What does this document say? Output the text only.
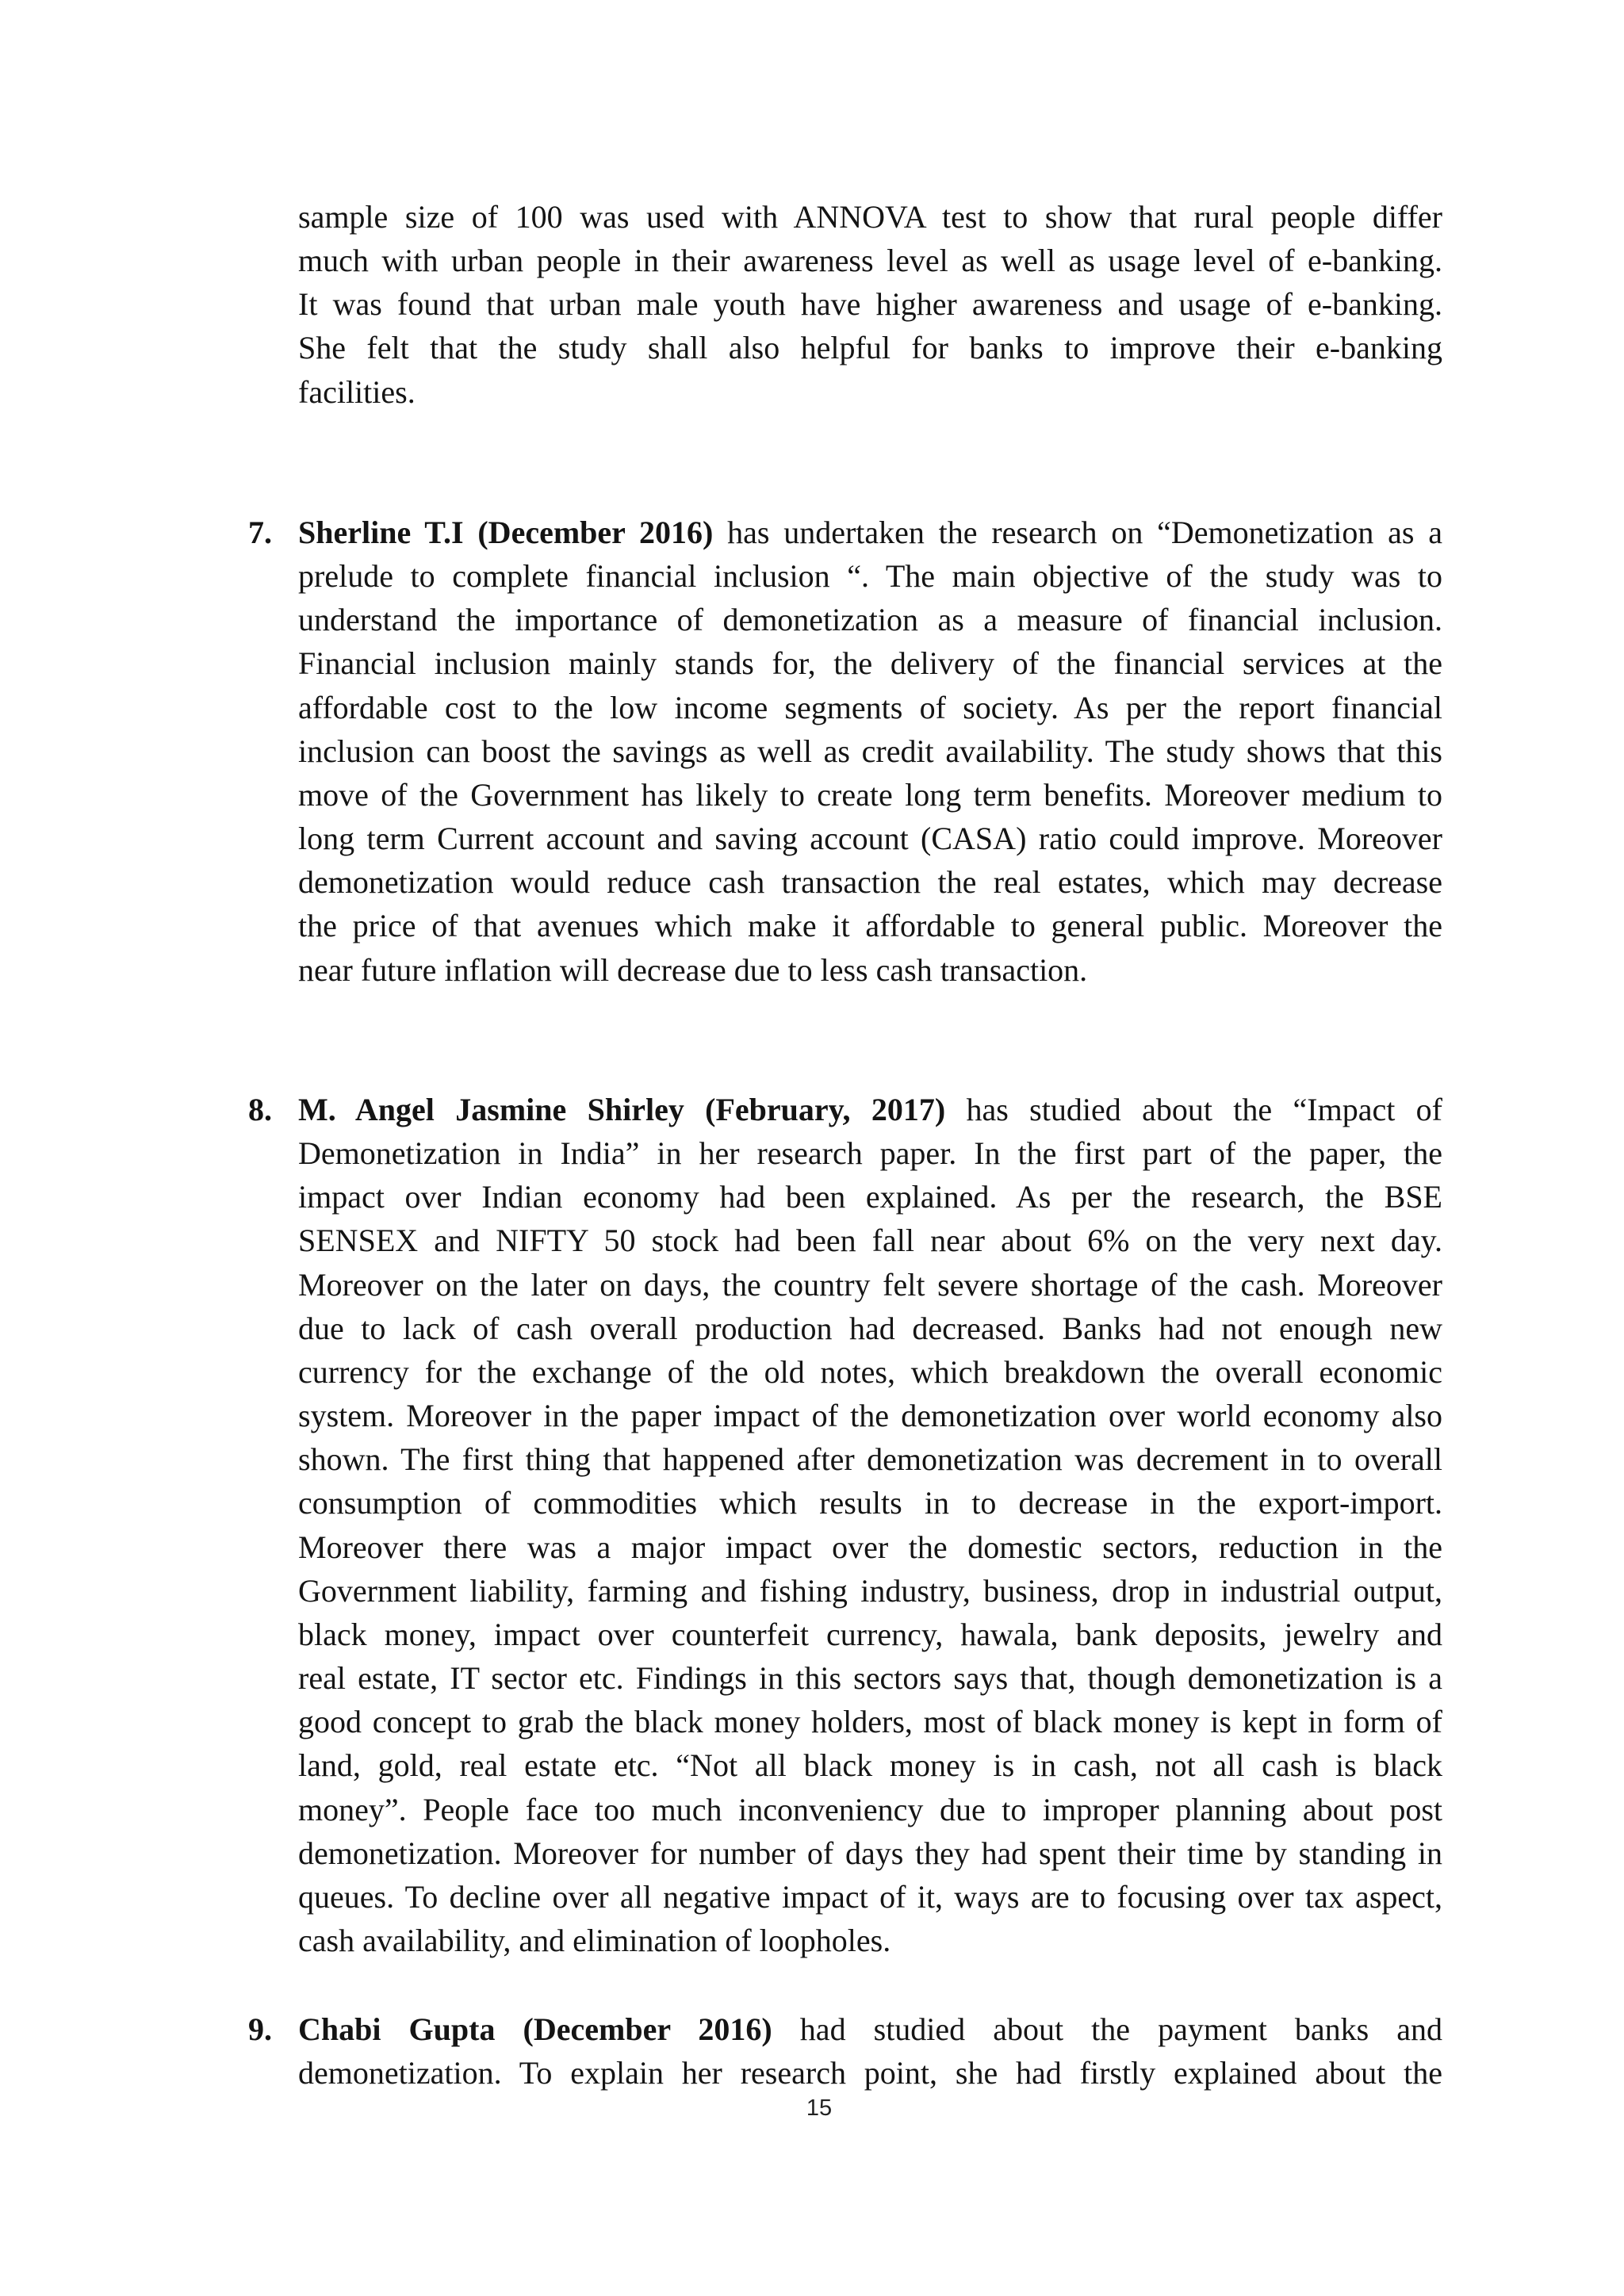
sample size of 100 was used with ANNOVA test to show that rural people differ
much with urban people in their awareness level as well as usage level of e-banking.
It was found that urban male youth have higher awareness and usage of e-banking.
She felt that the study shall also helpful for banks to improve their e-banking
facilities.
7. Sherline T.I (December 2016) has undertaken the research on “Demonetization as a
prelude to complete financial inclusion “. The main objective of the study was to
understand the importance of demonetization as a measure of financial inclusion.
Financial inclusion mainly stands for, the delivery of the financial services at the
affordable cost to the low income segments of society. As per the report financial
inclusion can boost the savings as well as credit availability. The study shows that this
move of the Government has likely to create long term benefits. Moreover medium to
long term Current account and saving account (CASA) ratio could improve. Moreover
demonetization would reduce cash transaction the real estates, which may decrease
the price of that avenues which make it affordable to general public. Moreover the
near future inflation will decrease due to less cash transaction.
8. M. Angel Jasmine Shirley (February, 2017) has studied about the “Impact of
Demonetization in India” in her research paper. In the first part of the paper, the
impact over Indian economy had been explained. As per the research, the BSE
SENSEX and NIFTY 50 stock had been fall near about 6% on the very next day.
Moreover on the later on days, the country felt severe shortage of the cash. Moreover
due to lack of cash overall production had decreased. Banks had not enough new
currency for the exchange of the old notes, which breakdown the overall economic
system. Moreover in the paper impact of the demonetization over world economy also
shown. The first thing that happened after demonetization was decrement in to overall
consumption of commodities which results in to decrease in the export-import.
Moreover there was a major impact over the domestic sectors, reduction in the
Government liability, farming and fishing industry, business, drop in industrial output,
black money, impact over counterfeit currency, hawala, bank deposits, jewelry and
real estate, IT sector etc. Findings in this sectors says that, though demonetization is a
good concept to grab the black money holders, most of black money is kept in form of
land, gold, real estate etc. “Not all black money is in cash, not all cash is black
money”. People face too much inconveniency due to improper planning about post
demonetization. Moreover for number of days they had spent their time by standing in
queues. To decline over all negative impact of it, ways are to focusing over tax aspect,
cash availability, and elimination of loopholes.
9. Chabi Gupta (December 2016) had studied about the payment banks and
demonetization. To explain her research point, she had firstly explained about the
15
